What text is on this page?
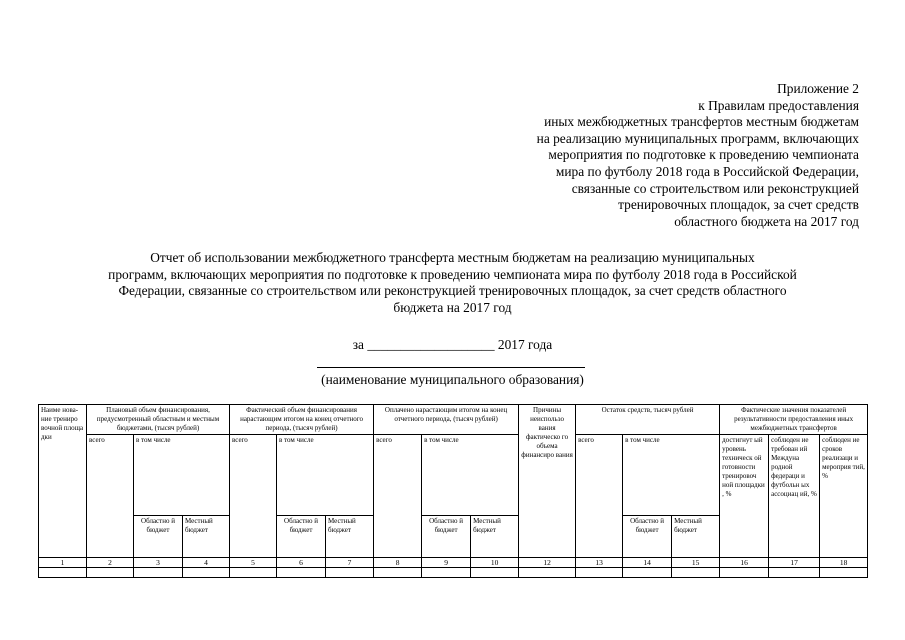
Приложение 2
к Правилам предоставления
иных межбюджетных трансфертов местным бюджетам
на реализацию муниципальных программ, включающих
мероприятия по подготовке к проведению чемпионата
мира по футболу 2018 года в Российской Федерации,
связанные со строительством или реконструкцией
тренировочных площадок, за счет средств
областного бюджета на 2017 год
Отчет об использовании межбюджетного трансферта местным бюджетам на реализацию муниципальных
программ, включающих мероприятия по подготовке к проведению чемпионата мира по футболу 2018 года в Российской
Федерации, связанные со строительством или реконструкцией тренировочных площадок, за счет средств областного
бюджета на 2017 год
за ___________________ 2017 года
(наименование муниципального образования)
Наиме нова- ние трениро вочной площа дки	Плановый объем финансирования, предусмотренный областным и местным бюджетами, (тысяч рублей)			Фактический объем финансирования нарастающим итогом на конец отчетного периода, (тысяч рублей)			Оплачено нарастающим итогом на конец отчетного периода, (тысяч рублей)			Причины неиспользо вания фактическо го объема финансиро вания	Остаток средств, тысяч рублей			Фактические значения показателей результативности предоставления иных межбюджетных трансфертов		
	всего	в том числе		всего	в том числе		всего	в том числе			всего	в том числе		достигнут ый уровень техническ ой готовности тренировоч ной площадки , %	соблюден ие требован ий Междуна родной федераци и футбольн ых ассоциац ий, %	соблюден ие сроков реализаци и мероприя тий, %
		Областно й бюджет	Местный бюджет		Областно й бюджет	Местный бюджет		Областно й бюджет	Местный бюджет			Областно й бюджет	Местный бюджет			
1	2	3	4	5	6	7	8	9	10	12	13	14	15	16	17	18
